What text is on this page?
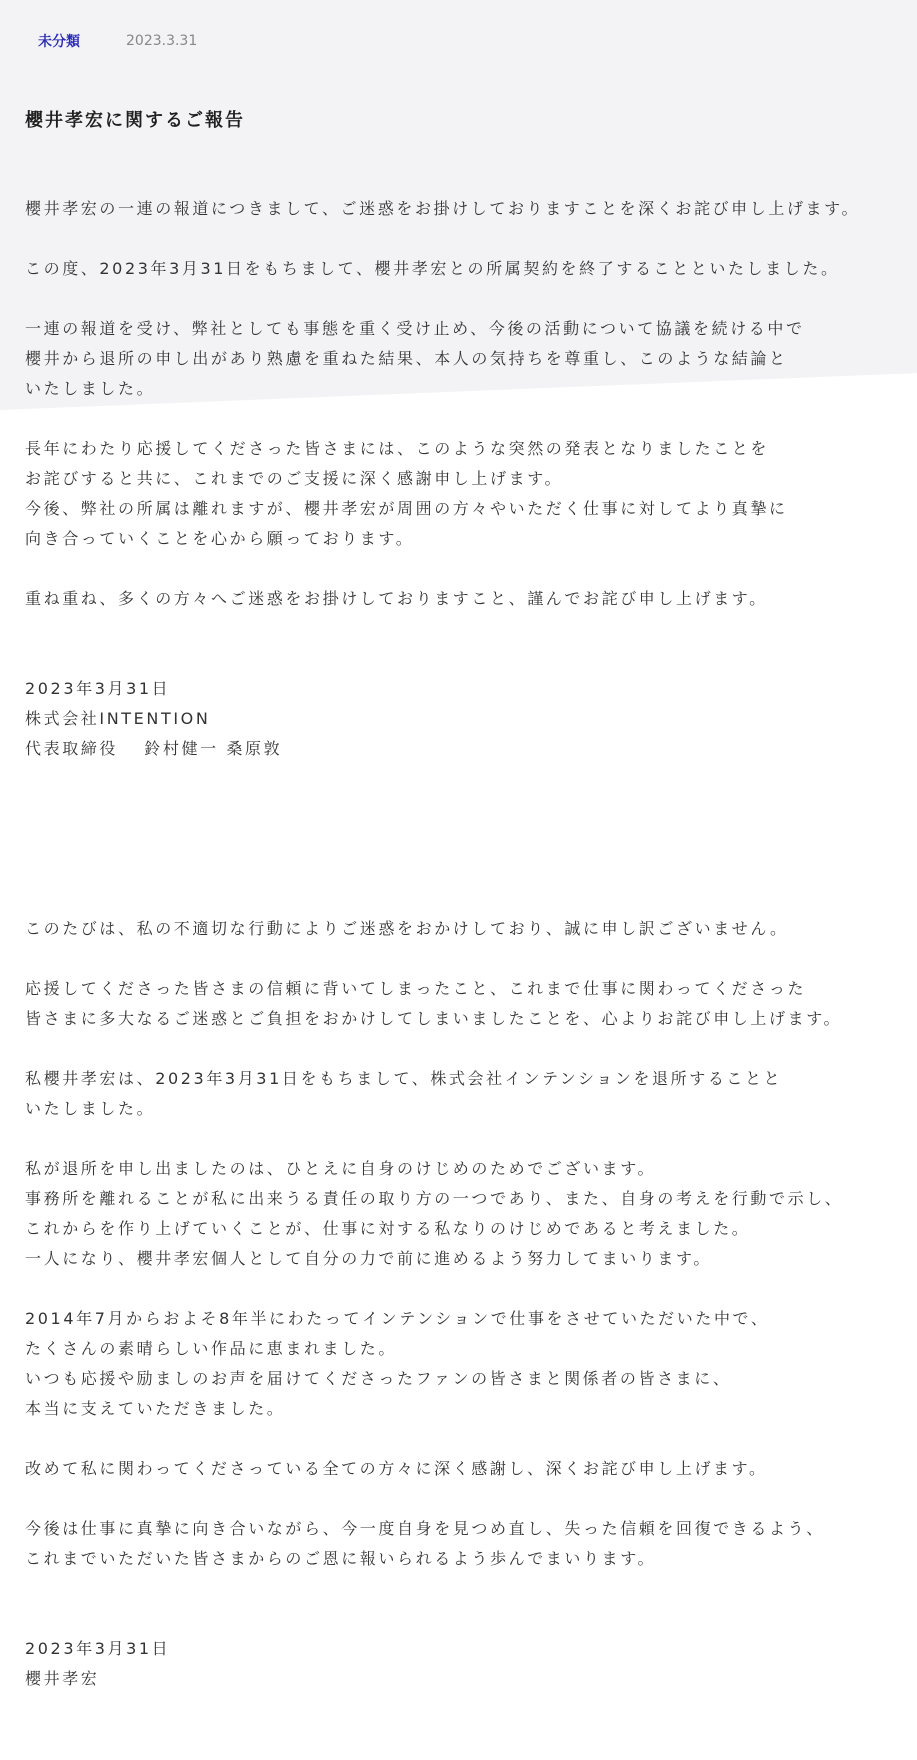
未分類	2023.3.31
櫻井孝宏に関するご報告

櫻井孝宏の一連の報道につきまして、ご迷惑をお掛けしておりますことを深くお詫び申し上げます。

この度、2023年3月31日をもちまして、櫻井孝宏との所属契約を終了することといたしました。

一連の報道を受け、弊社としても事態を重く受け止め、今後の活動について協議を続ける中で
櫻井から退所の申し出があり熟慮を重ねた結果、本人の気持ちを尊重し、このような結論と
いたしました。

長年にわたり応援してくださった皆さまには、このような突然の発表となりましたことを
お詫びすると共に、これまでのご支援に深く感謝申し上げます。
今後、弊社の所属は離れますが、櫻井孝宏が周囲の方々やいただく仕事に対してより真摯に
向き合っていくことを心から願っております。

重ね重ね、多くの方々へご迷惑をお掛けしておりますこと、謹んでお詫び申し上げます。

2023年3月31日
株式会社INTENTION
代表取締役　 鈴村健一 桑原敦

このたびは、私の不適切な行動によりご迷惑をおかけしており、誠に申し訳ございません。

応援してくださった皆さまの信頼に背いてしまったこと、これまで仕事に関わってくださった
皆さまに多大なるご迷惑とご負担をおかけしてしまいましたことを、心よりお詫び申し上げます。

私櫻井孝宏は、2023年3月31日をもちまして、株式会社インテンションを退所することと
いたしました。

私が退所を申し出ましたのは、ひとえに自身のけじめのためでございます。
事務所を離れることが私に出来うる責任の取り方の一つであり、また、自身の考えを行動で示し、
これからを作り上げていくことが、仕事に対する私なりのけじめであると考えました。
一人になり、櫻井孝宏個人として自分の力で前に進めるよう努力してまいります。

2014年7月からおよそ8年半にわたってインテンションで仕事をさせていただいた中で、
たくさんの素晴らしい作品に恵まれました。
いつも応援や励ましのお声を届けてくださったファンの皆さまと関係者の皆さまに、
本当に支えていただきました。

改めて私に関わってくださっている全ての方々に深く感謝し、深くお詫び申し上げます。

今後は仕事に真摯に向き合いながら、今一度自身を見つめ直し、失った信頼を回復できるよう、
これまでいただいた皆さまからのご恩に報いられるよう歩んでまいります。

2023年3月31日
櫻井孝宏
